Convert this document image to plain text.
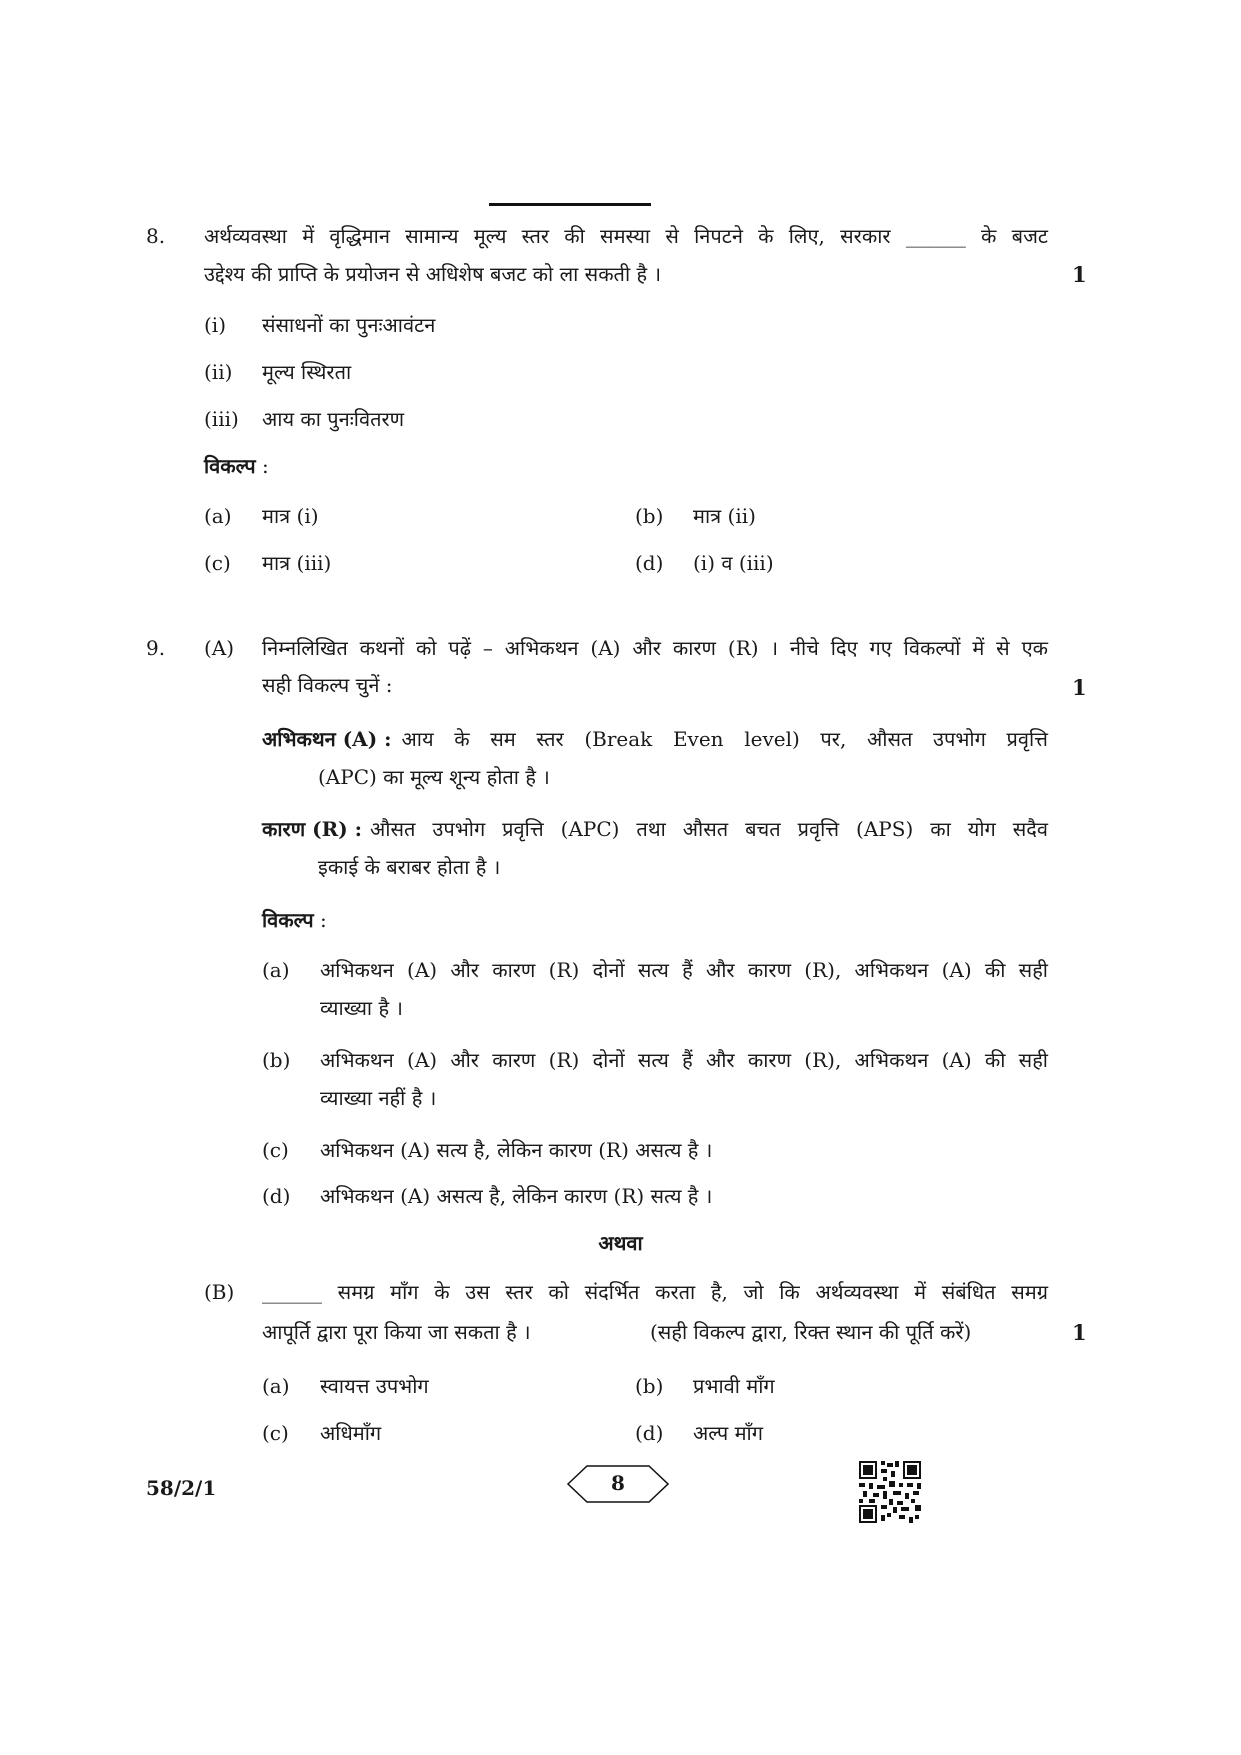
8. अर्थव्यवस्था में वृद्धिमान सामान्य मूल्य स्तर की समस्या से निपटने के लिए, सरकार ______ के बजट
उद्देश्य की प्राप्ति के प्रयोजन से अधिशेष बजट को ला सकती है ।	1
(i) संसाधनों का पुनःआवंटन
(ii) मूल्य स्थिरता
(iii) आय का पुनःवितरण
विकल्प :
(a) मात्र (i)	(b) मात्र (ii)
(c) मात्र (iii)	(d) (i) व (iii)
9. (A) निम्नलिखित कथनों को पढ़ें – अभिकथन (A) और कारण (R) । नीचे दिए गए विकल्पों में से एक
सही विकल्प चुनें :	1
अभिकथन (A) : आय के सम स्तर (Break Even level) पर, औसत उपभोग प्रवृत्ति
(APC) का मूल्य शून्य होता है ।
कारण (R) : औसत उपभोग प्रवृत्ति (APC) तथा औसत बचत प्रवृत्ति (APS) का योग सदैव
इकाई के बराबर होता है ।
विकल्प :
(a) अभिकथन (A) और कारण (R) दोनों सत्य हैं और कारण (R), अभिकथन (A) की सही
व्याख्या है ।
(b) अभिकथन (A) और कारण (R) दोनों सत्य हैं और कारण (R), अभिकथन (A) की सही
व्याख्या नहीं है ।
(c) अभिकथन (A) सत्य है, लेकिन कारण (R) असत्य है ।
(d) अभिकथन (A) असत्य है, लेकिन कारण (R) सत्य है ।
अथवा
(B) ______ समग्र माँग के उस स्तर को संदर्भित करता है, जो कि अर्थव्यवस्था में संबंधित समग्र
आपूर्ति द्वारा पूरा किया जा सकता है ।	(सही विकल्प द्वारा, रिक्त स्थान की पूर्ति करें)	1
(a) स्वायत्त उपभोग	(b) प्रभावी माँग
(c) अधिमाँग	(d) अल्प माँग
58/2/1	8
